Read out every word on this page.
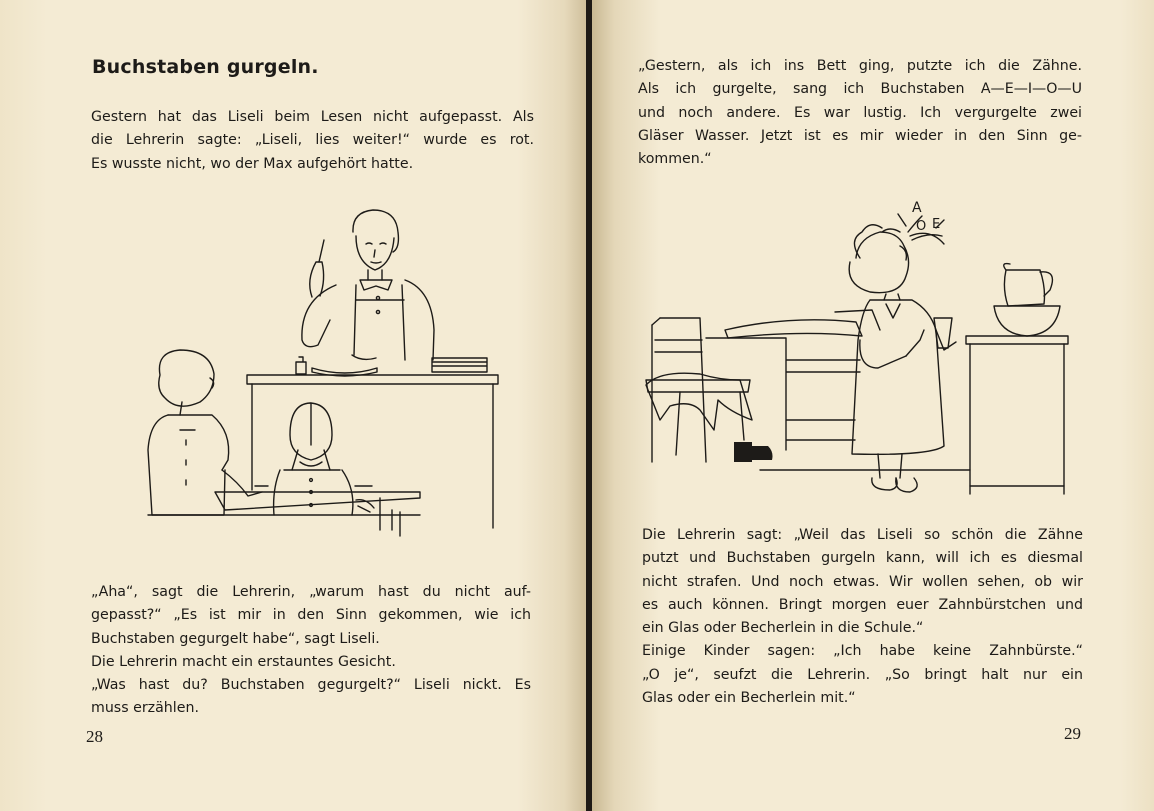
Buchstaben gurgeln.
Gestern hat das Liseli beim Lesen nicht aufgepasst. Als
die Lehrerin sagte: „Liseli, lies weiter!“ wurde es rot.
Es wusste nicht, wo der Max aufgehört hatte.
„Aha“, sagt die Lehrerin, „warum hast du nicht auf-
gepasst?“ „Es ist mir in den Sinn gekommen, wie ich
Buchstaben gegurgelt habe“, sagt Liseli.
Die Lehrerin macht ein erstauntes Gesicht.
„Was hast du? Buchstaben gegurgelt?“ Liseli nickt. Es
muss erzählen.
28
„Gestern, als ich ins Bett ging, putzte ich die Zähne.
Als ich gurgelte, sang ich Buchstaben A—E—I—O—U
und noch andere. Es war lustig. Ich vergurgelte zwei
Gläser Wasser. Jetzt ist es mir wieder in den Sinn ge-
kommen.“
A
O E
Die Lehrerin sagt: „Weil das Liseli so schön die Zähne
putzt und Buchstaben gurgeln kann, will ich es diesmal
nicht strafen. Und noch etwas. Wir wollen sehen, ob wir
es auch können. Bringt morgen euer Zahnbürstchen und
ein Glas oder Becherlein in die Schule.“
Einige Kinder sagen: „Ich habe keine Zahnbürste.“
„O je“, seufzt die Lehrerin. „So bringt halt nur ein
Glas oder ein Becherlein mit.“
29
